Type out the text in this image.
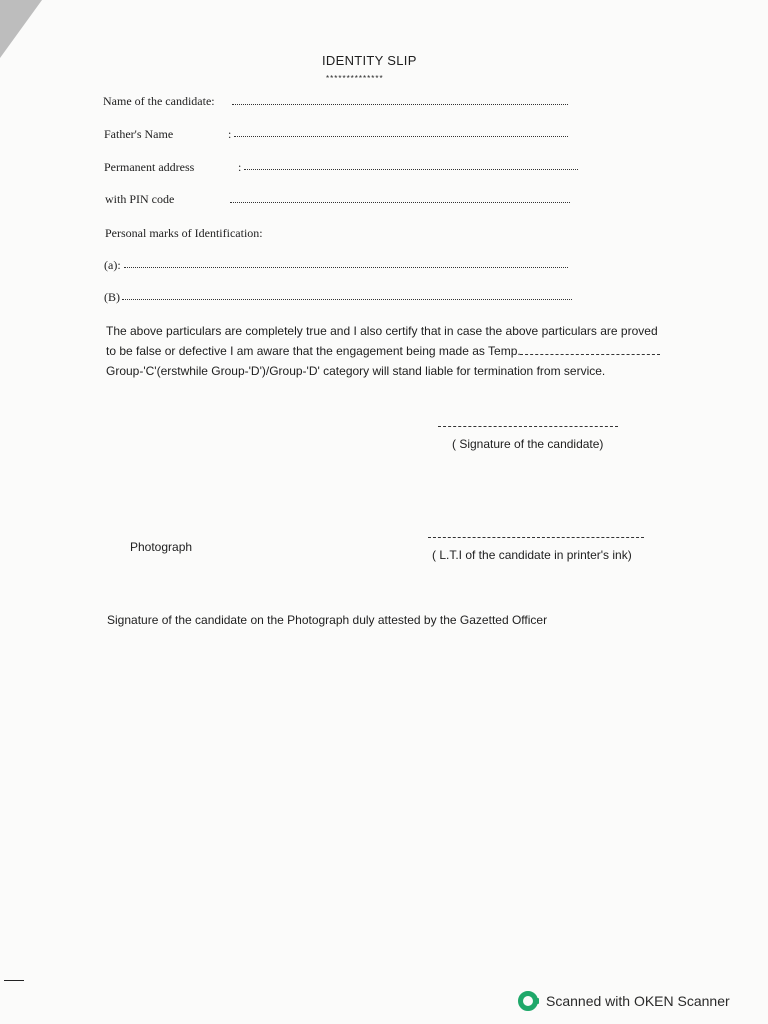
IDENTITY SLIP
**************
Name of the candidate:
Father's Name	:
Permanent address	:
with PIN code
Personal marks of Identification:
(a):
(B)

The above particulars are completely true and I also certify that in case the above particulars are proved

to be false or defective I am aware that the engagement being made as Temp.

Group-'C'(erstwhile Group-'D')/Group-'D' category will stand liable for termination from service.

( Signature of the candidate)
Photograph
( L.T.I of the candidate in printer's ink)
Signature of the candidate on the Photograph duly attested by the Gazetted Officer
Scanned with OKEN Scanner
